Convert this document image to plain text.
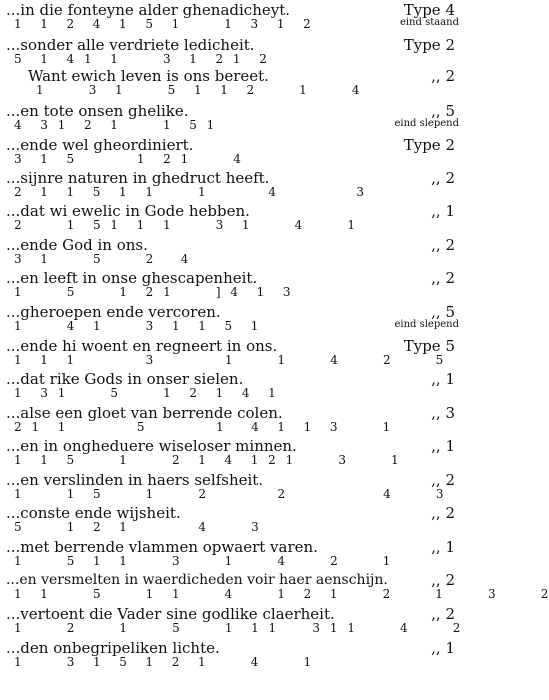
...in die fonteyne alder ghenadicheyt.
1  1  2  4  1  5  1     1  3  1  2
Type 4
eind staand
...sonder alle verdriete ledicheit.
5  1  4 1  1     3  1  2 1  2
Type 2
Want ewich leven is ons bereet.
1     3  1     5  1  1  2     1     4
,, 2
...en tote onsen ghelike.
4  3 1  2  1     1  5 1
,, 5
eind slepend
...ende wel gheordiniert.
3  1  5       1  2 1     4
Type 2
...sijnre naturen in ghedruct heeft.
2  1  1  5  1  1     1       4         3
,, 2
...dat wi ewelic in Gode hebben.
2     1  5 1  1  1     3  1     4     1
,, 1
...ende God in ons.
3  1     5     2   4
,, 2
...en leeft in onse ghescapenheit.
1     5     1  2 1     ] 4  1  3
,, 2
...gheroepen ende vercoren.
1     4  1     3  1  1  5  1
,, 5
eind slepend
...ende hi woent en regneert in ons.
1  1  1        3        1     1     4     2     5
Type 5
...dat rike Gods in onser sielen.
1  3 1     5     1  2  1  4  1
,, 1
...alse een gloet van berrende colen.
2 1  1        5        1   4  1  1  3     1
,, 3
...en in ongheduere wiseloser minnen.
1  1  5     1     2  1  4  1 2 1     3     1
,, 1
...en verslinden in haers selfsheit.
1     1  5     1     2        2           4     3
,, 2
...conste ende wijsheit.
5     1  2  1        4     3
,, 2
...met berrende vlammen opwaert varen.
1     5  1  1     3     1     4     2     1
,, 1
...en versmelten in waerdicheden voir haer aenschijn.
1  1     5     1  1     4     1  2  1     2     1     3     2
,, 2
...vertoent die Vader sine godlike claerheit.
1     2     1     5     1  1 1    3 1 1     4     2
,, 2
...den onbegripeliken lichte.
1     3  1  5  1  2  1     4     1
,, 1
